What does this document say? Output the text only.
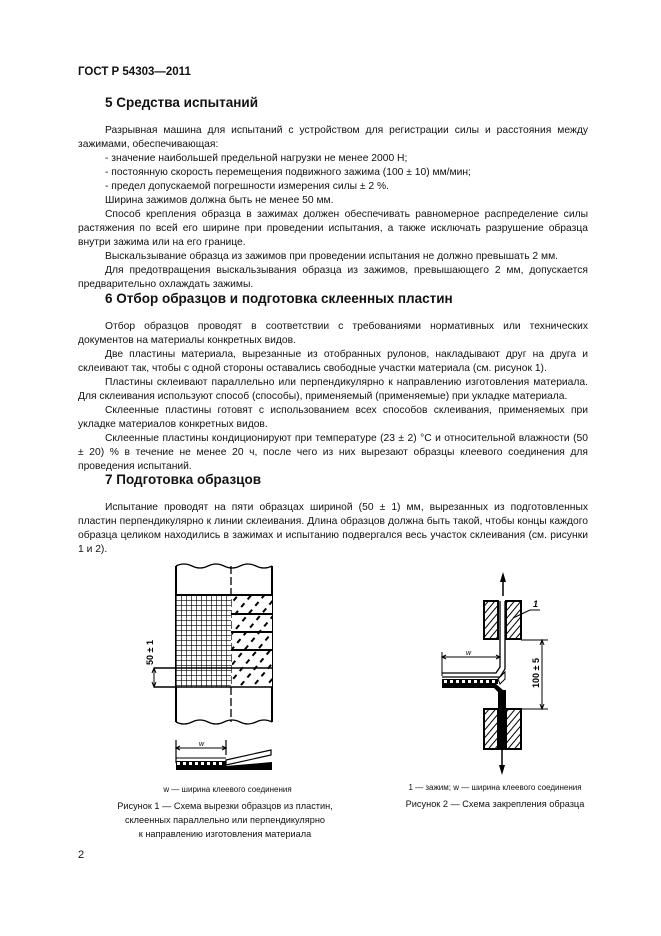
ГОСТ Р 54303—2011
5 Средства испытаний

Разрывная машина для испытаний с устройством для регистрации силы и расстояния между зажимами, обеспечивающая:

- значение наибольшей предельной нагрузки не менее 2000 Н;

- постоянную скорость перемещения подвижного зажима (100 ± 10) мм/мин;

- предел допускаемой погрешности измерения силы ± 2 %.

Ширина зажимов должна быть не менее 50 мм.

Способ крепления образца в зажимах должен обеспечивать равномерное распределение силы растяжения по всей его ширине при проведении испытания, а также исключать разрушение образца внутри зажима или на его границе.

Выскальзывание образца из зажимов при проведении испытания не должно превышать 2 мм.

Для предотвращения выскальзывания образца из зажимов, превышающего 2 мм, допускается предварительно охлаждать зажимы.

6 Отбор образцов и подготовка склеенных пластин

Отбор образцов проводят в соответствии с требованиями нормативных или технических документов на материалы конкретных видов.

Две пластины материала, вырезанные из отобранных рулонов, накладывают друг на друга и склеивают так, чтобы с одной стороны оставались свободные участки материала (см. рисунок 1).

Пластины склеивают параллельно или перпендикулярно к направлению изготовления материала. Для склеивания используют способ (способы), применяемый (применяемые) при укладке материала.

Склеенные пластины готовят с использованием всех способов склеивания, применяемых при укладке материалов конкретных видов.

Склеенные пластины кондиционируют при температуре (23 ± 2) °С и относительной влажности (50 ± 20) % в течение не менее 20 ч, после чего из них вырезают образцы клеевого соединения для проведения испытаний.

7 Подготовка образцов

Испытание проводят на пяти образцах шириной (50 ± 1) мм, вырезанных из подготовленных пластин перпендикулярно к линии склеивания. Длина образцов должна быть такой, чтобы концы каждого образца целиком находились в зажимах и испытанию подвергался весь участок склеивания (см. рисунки 1 и 2).

50 ± 1
w
w — ширина клеевого соединения
Рисунок 1 — Схема вырезки образцов из пластин,
склеенных параллельно или перпендикулярно
к направлению изготовления материала
1
w
100 ± 5
1 — зажим; w — ширина клеевого соединения
Рисунок 2 — Схема закрепления образца
2
